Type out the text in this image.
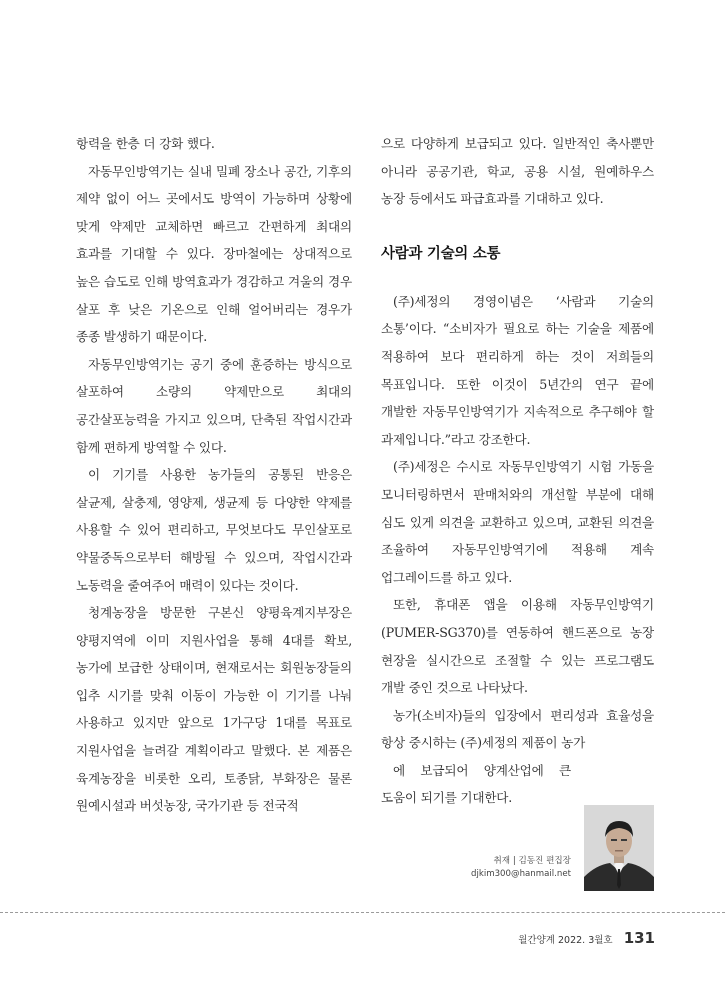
항력을 한층 더 강화 했다.

자동무인방역기는 실내 밀폐 장소나 공간, 기후의 제약 없이 어느 곳에서도 방역이 가능하며 상황에 맞게 약제만 교체하면 빠르고 간편하게 최대의 효과를 기대할 수 있다. 장마철에는 상대적으로 높은 습도로 인해 방역효과가 경감하고 겨울의 경우 살포 후 낮은 기온으로 인해 얼어버리는 경우가 종종 발생하기 때문이다.

자동무인방역기는 공기 중에 훈증하는 방식으로 살포하여 소량의 약제만으로 최대의 공간살포능력을 가지고 있으며, 단축된 작업시간과 함께 편하게 방역할 수 있다.

이 기기를 사용한 농가들의 공통된 반응은 살균제, 살충제, 영양제, 생균제 등 다양한 약제를 사용할 수 있어 편리하고, 무엇보다도 무인살포로 약물중독으로부터 해방될 수 있으며, 작업시간과 노동력을 줄여주어 매력이 있다는 것이다.

청계농장을 방문한 구본신 양평육계지부장은 양평지역에 이미 지원사업을 통해 4대를 확보, 농가에 보급한 상태이며, 현재로서는 회원농장들의 입추 시기를 맞춰 이동이 가능한 이 기기를 나눠 사용하고 있지만 앞으로 1가구당 1대를 목표로 지원사업을 늘려갈 계획이라고 말했다. 본 제품은 육계농장을 비롯한 오리, 토종닭, 부화장은 물론 원예시설과 버섯농장, 국가기관 등 전국적

으로 다양하게 보급되고 있다. 일반적인 축사뿐만 아니라 공공기관, 학교, 공용 시설, 원예하우스 농장 등에서도 파급효과를 기대하고 있다.

사람과 기술의 소통

(주)세정의 경영이념은 ‘사람과 기술의 소통’이다. “소비자가 필요로 하는 기술을 제품에 적용하여 보다 편리하게 하는 것이 저희들의 목표입니다. 또한 이것이 5년간의 연구 끝에 개발한 자동무인방역기가 지속적으로 추구해야 할 과제입니다.”라고 강조한다.

(주)세정은 수시로 자동무인방역기 시험 가동을 모니터링하면서 판매처와의 개선할 부분에 대해 심도 있게 의견을 교환하고 있으며, 교환된 의견을 조율하여 자동무인방역기에 적용해 계속 업그레이드를 하고 있다.

또한, 휴대폰 앱을 이용해 자동무인방역기(PUMER-SG370)를 연동하여 핸드폰으로 농장 현장을 실시간으로 조절할 수 있는 프로그램도 개발 중인 것으로 나타났다.

농가(소비자)들의 입장에서 편리성과 효율성을 항상 중시하는 (주)세정의 제품이 농가

에 보급되어 양계산업에 큰 도움이 되기를 기대한다.

취재 | 김동진 편집장
djkim300@hanmail.net
월간양계 2022. 3월호 131
